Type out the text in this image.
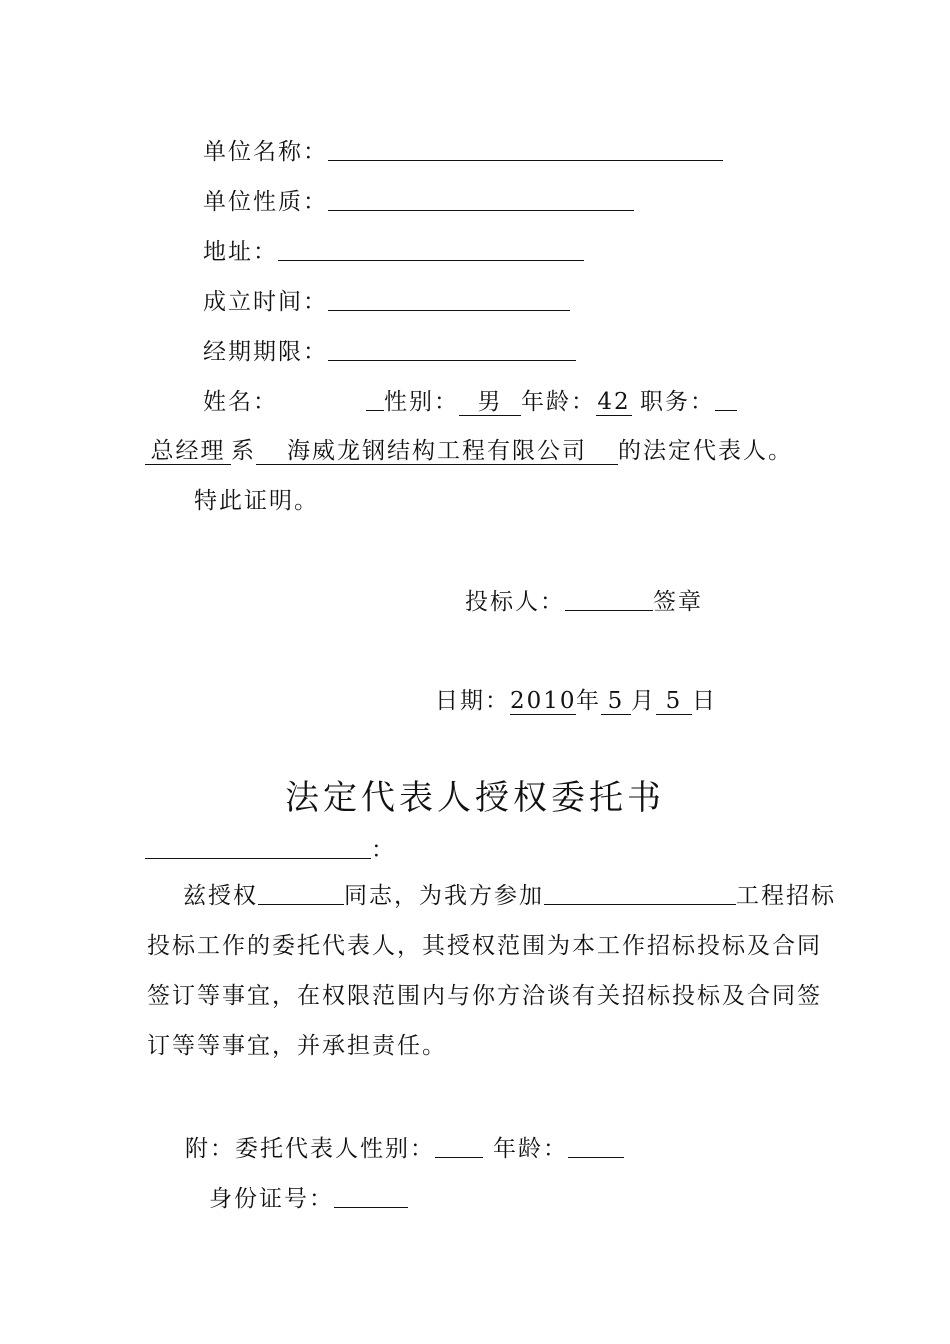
单位名称：
单位性质：
地址：
成立时间：
经期期限：
姓名：	性别： 男 年龄：42 职务：
总经理 系 海威龙钢结构工程有限公司 的法定代表人。
特此证明。
投标人：	签章
日期：2010年 5 月 5 日
法定代表人授权委托书
：
兹授权	同志，为我方参加	工程招标投标工作的委托代表人，其授权范围为本工作招标投标及合同签订等事宜，在权限范围内与你方洽谈有关招标投标及合同签订等等事宜，并承担责任。
附：委托代表人性别：	年龄：
身份证号：
